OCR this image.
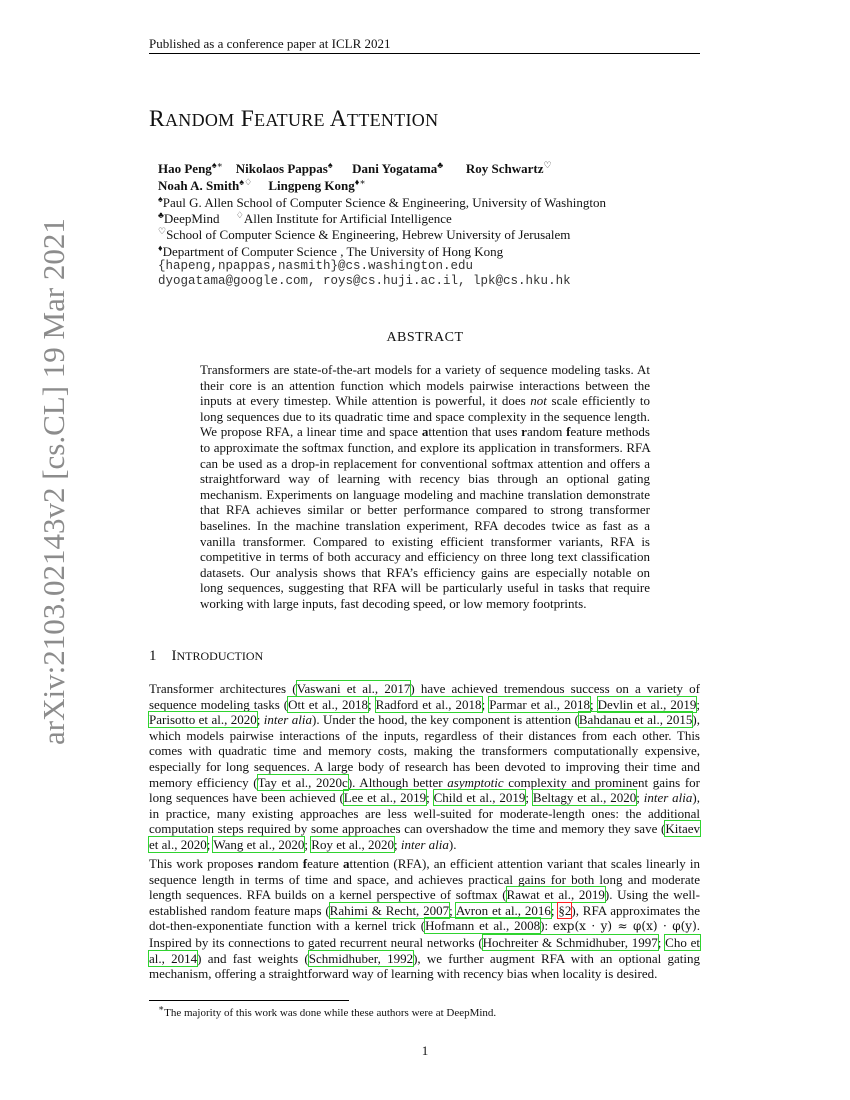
Published as a conference paper at ICLR 2021
arXiv:2103.02143v2 [cs.CL] 19 Mar 2021
RANDOM FEATURE ATTENTION
Hao Peng♠∗ Nikolaos Pappas♠ Dani Yogatama♣ Roy Schwartz♡
Noah A. Smith♠♢ Lingpeng Kong♦∗
♠Paul G. Allen School of Computer Science & Engineering, University of Washington
♣DeepMind ♢Allen Institute for Artificial Intelligence
♡School of Computer Science & Engineering, Hebrew University of Jerusalem
♦Department of Computer Science , The University of Hong Kong
{hapeng,npappas,nasmith}@cs.washington.edu
dyogatama@google.com, roys@cs.huji.ac.il, lpk@cs.hku.hk
ABSTRACT
Transformers are state-of-the-art models for a variety of sequence modeling tasks. At their core is an attention function which models pairwise interactions between the inputs at every timestep. While attention is powerful, it does not scale efficiently to long sequences due to its quadratic time and space complexity in the sequence length. We propose RFA, a linear time and space attention that uses random feature methods to approximate the softmax function, and explore its application in transformers. RFA can be used as a drop-in replacement for conventional softmax attention and offers a straightforward way of learning with recency bias through an optional gating mechanism. Experiments on language modeling and machine translation demonstrate that RFA achieves similar or better performance compared to strong transformer baselines. In the machine translation experiment, RFA decodes twice as fast as a vanilla transformer. Compared to existing efficient transformer variants, RFA is competitive in terms of both accuracy and efficiency on three long text classification datasets. Our analysis shows that RFA’s efficiency gains are especially notable on long sequences, suggesting that RFA will be particularly useful in tasks that require working with large inputs, fast decoding speed, or low memory footprints.
1 INTRODUCTION
Transformer architectures (Vaswani et al., 2017) have achieved tremendous success on a variety of sequence modeling tasks (Ott et al., 2018; Radford et al., 2018; Parmar et al., 2018; Devlin et al., 2019; Parisotto et al., 2020; inter alia). Under the hood, the key component is attention (Bahdanau et al., 2015), which models pairwise interactions of the inputs, regardless of their distances from each other. This comes with quadratic time and memory costs, making the transformers computationally expensive, especially for long sequences. A large body of research has been devoted to improving their time and memory efficiency (Tay et al., 2020c). Although better asymptotic complexity and prominent gains for long sequences have been achieved (Lee et al., 2019; Child et al., 2019; Beltagy et al., 2020; inter alia), in practice, many existing approaches are less well-suited for moderate-length ones: the additional computation steps required by some approaches can overshadow the time and memory they save (Kitaev et al., 2020; Wang et al., 2020; Roy et al., 2020; inter alia).
This work proposes random feature attention (RFA), an efficient attention variant that scales linearly in sequence length in terms of time and space, and achieves practical gains for both long and moderate length sequences. RFA builds on a kernel perspective of softmax (Rawat et al., 2019). Using the well-established random feature maps (Rahimi & Recht, 2007; Avron et al., 2016; §2), RFA approximates the dot-then-exponentiate function with a kernel trick (Hofmann et al., 2008): exp(x · y) ≈ φ(x) · φ(y). Inspired by its connections to gated recurrent neural networks (Hochreiter & Schmidhuber, 1997; Cho et al., 2014) and fast weights (Schmidhuber, 1992), we further augment RFA with an optional gating mechanism, offering a straightforward way of learning with recency bias when locality is desired.
∗The majority of this work was done while these authors were at DeepMind.
1
